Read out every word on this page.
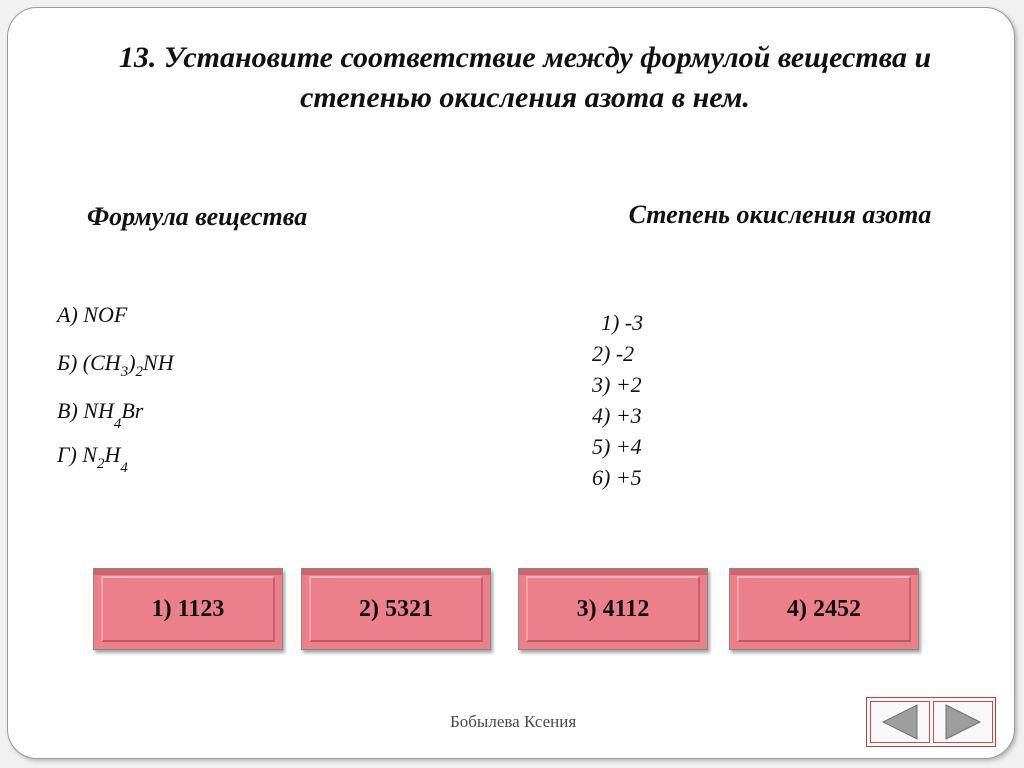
13. Установите соответствие между формулой вещества и степенью окисления азота в нем.
Формула вещества	Степень окисления азота
А) NOF
Б) $(CH_3)_2NH$
В) $NH_4Br$
Г) $N_2H_4$
1) -3
2) -2
3) +2
4) +3
5) +4
6) +5
1) 1123	2) 5321	3) 4112	4) 2452
Бобылева Ксения
